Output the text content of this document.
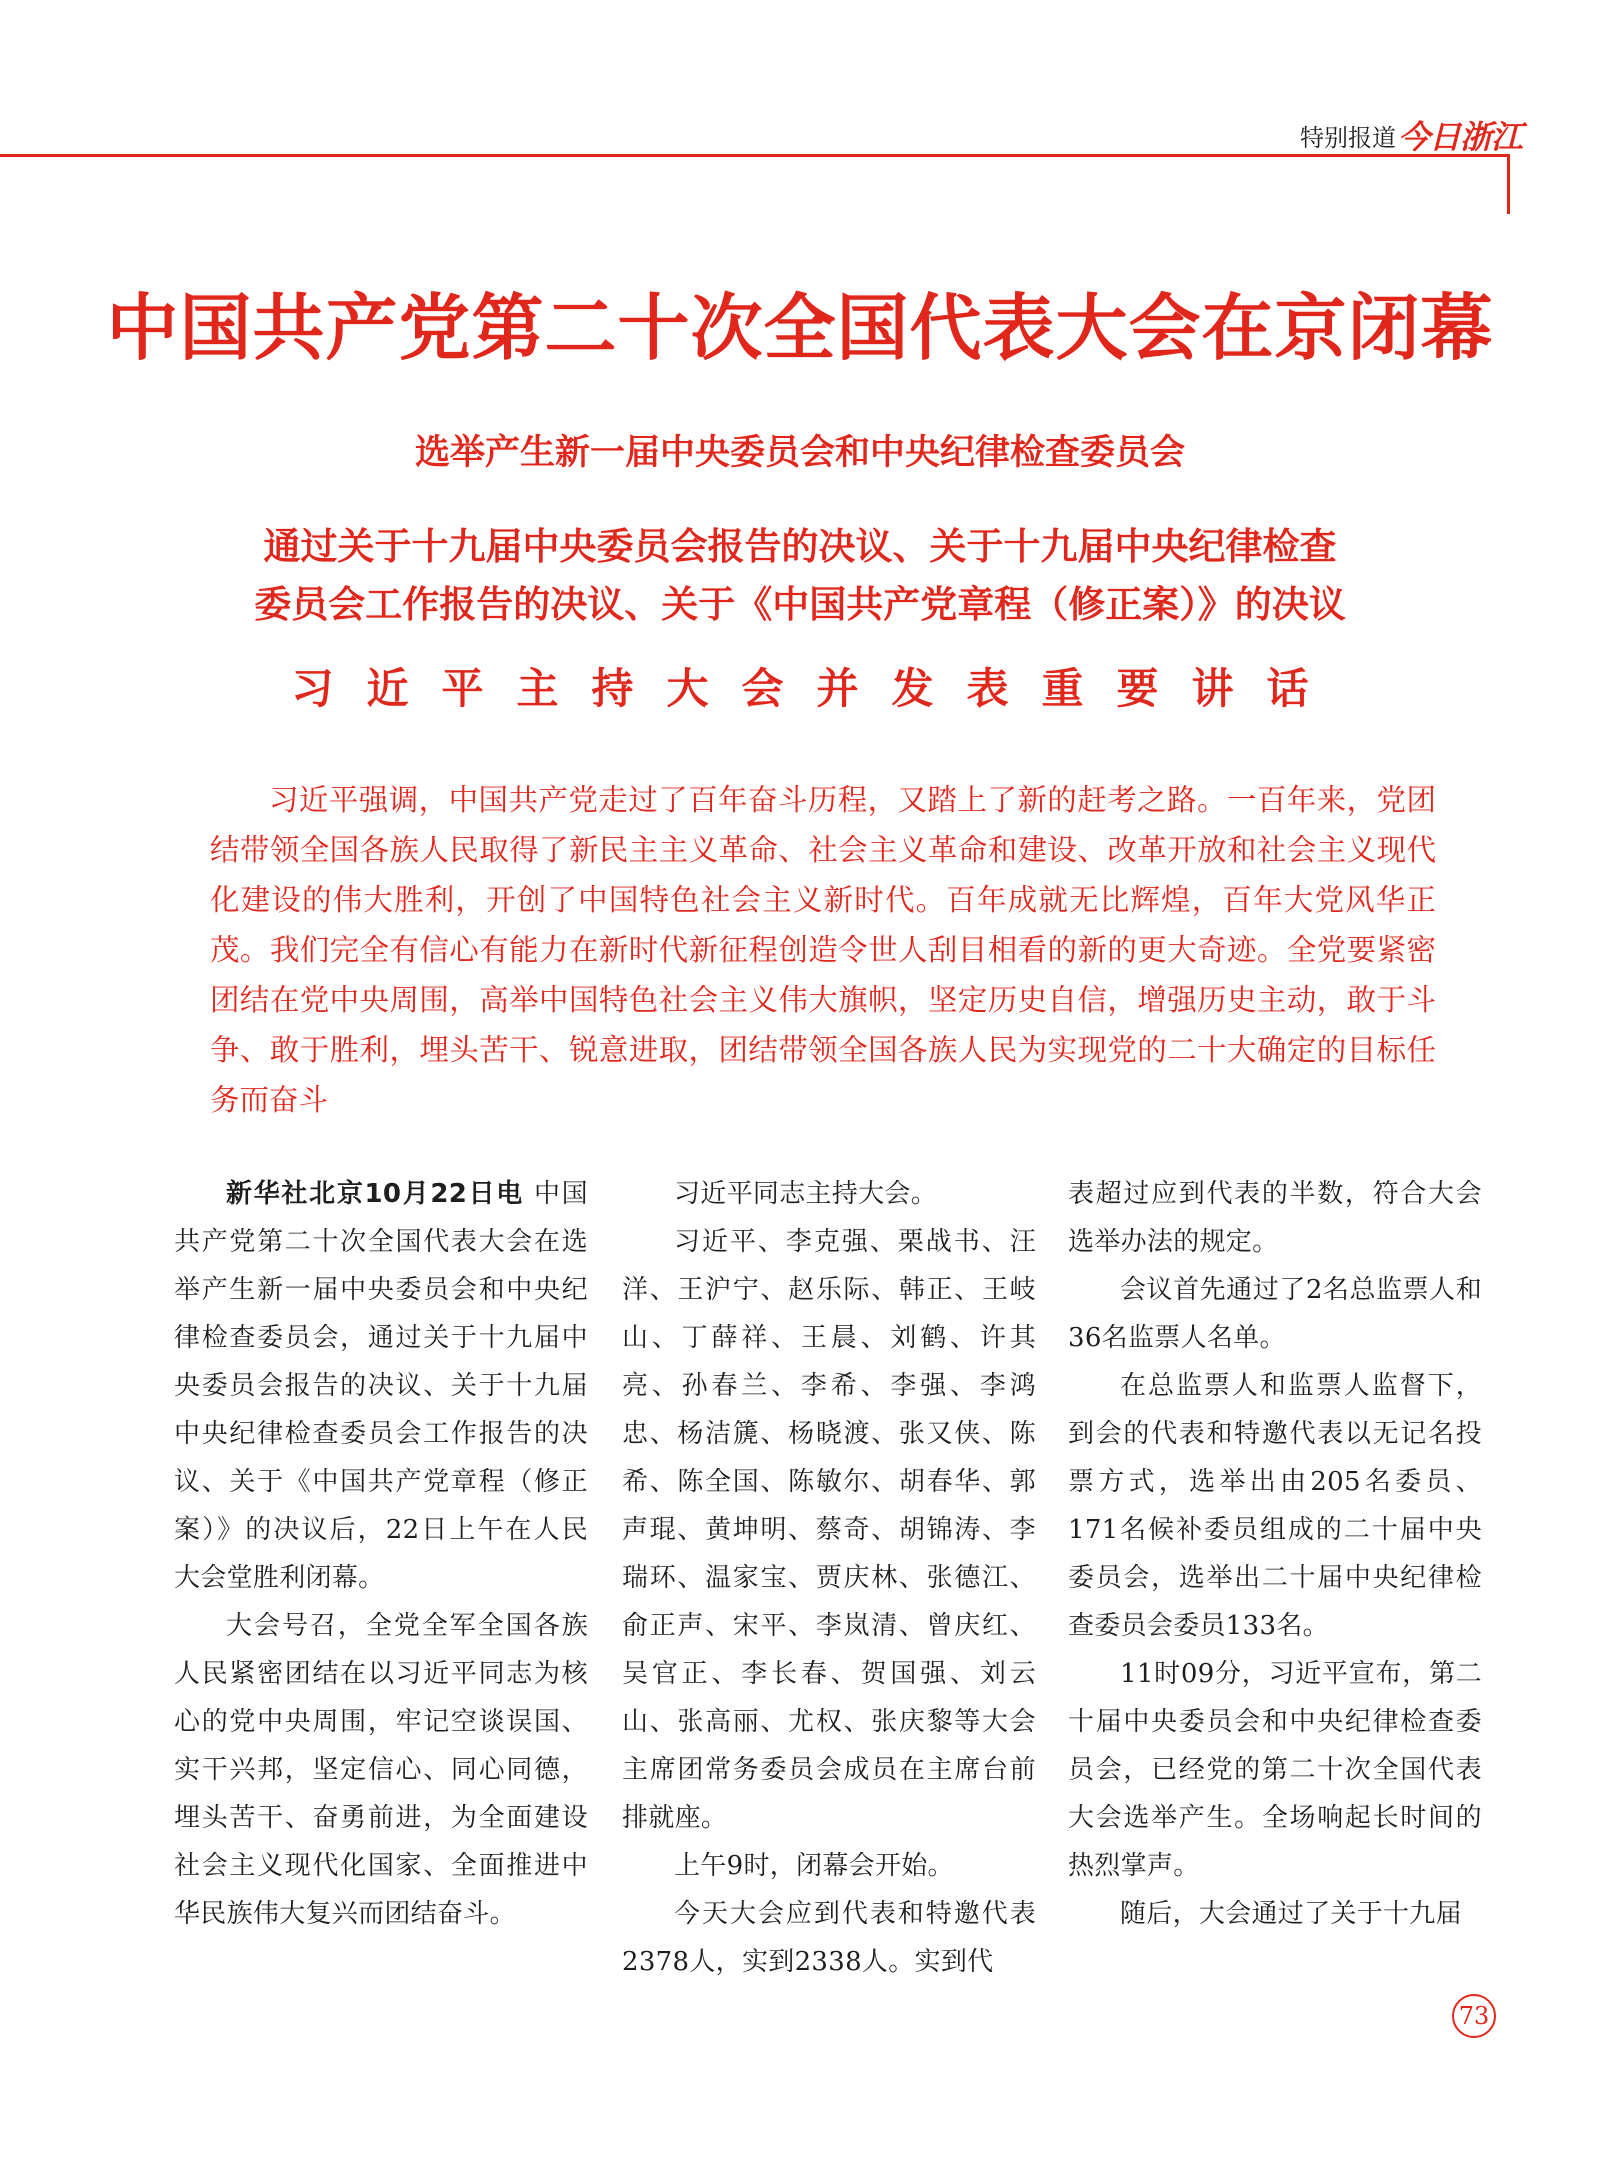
特别报道 今日浙江
中国共产党第二十次全国代表大会在京闭幕
选举产生新一届中央委员会和中央纪律检查委员会
通过关于十九届中央委员会报告的决议、关于十九届中央纪律检查
委员会工作报告的决议、关于《中国共产党章程（修正案）》的决议
习近平主持大会并发表重要讲话
习近平强调，中国共产党走过了百年奋斗历程，又踏上了新的赶考之路。一百年来，党团结带领全国各族人民取得了新民主主义革命、社会主义革命和建设、改革开放和社会主义现代化建设的伟大胜利，开创了中国特色社会主义新时代。百年成就无比辉煌，百年大党风华正茂。我们完全有信心有能力在新时代新征程创造令世人刮目相看的新的更大奇迹。全党要紧密团结在党中央周围，高举中国特色社会主义伟大旗帜，坚定历史自信，增强历史主动，敢于斗争、敢于胜利，埋头苦干、锐意进取，团结带领全国各族人民为实现党的二十大确定的目标任务而奋斗

新华社北京10月22日电 中国共产党第二十次全国代表大会在选举产生新一届中央委员会和中央纪律检查委员会，通过关于十九届中央委员会报告的决议、关于十九届中央纪律检查委员会工作报告的决议、关于《中国共产党章程（修正案）》的决议后，22日上午在人民大会堂胜利闭幕。

大会号召，全党全军全国各族人民紧密团结在以习近平同志为核心的党中央周围，牢记空谈误国、实干兴邦，坚定信心、同心同德，埋头苦干、奋勇前进，为全面建设社会主义现代化国家、全面推进中华民族伟大复兴而团结奋斗。

习近平同志主持大会。

习近平、李克强、栗战书、汪洋、王沪宁、赵乐际、韩正、王岐山、丁薛祥、王晨、刘鹤、许其亮、孙春兰、李希、李强、李鸿忠、杨洁篪、杨晓渡、张又侠、陈希、陈全国、陈敏尔、胡春华、郭声琨、黄坤明、蔡奇、胡锦涛、李瑞环、温家宝、贾庆林、张德江、俞正声、宋平、李岚清、曾庆红、吴官正、李长春、贺国强、刘云山、张高丽、尤权、张庆黎等大会主席团常务委员会成员在主席台前排就座。

上午9时，闭幕会开始。

今天大会应到代表和特邀代表2378人，实到2338人。实到代

表超过应到代表的半数，符合大会选举办法的规定。

会议首先通过了2名总监票人和36名监票人名单。

在总监票人和监票人监督下，到会的代表和特邀代表以无记名投票方式，选举出由205名委员、171名候补委员组成的二十届中央委员会，选举出二十届中央纪律检查委员会委员133名。

11时09分，习近平宣布，第二十届中央委员会和中央纪律检查委员会，已经党的第二十次全国代表大会选举产生。全场响起长时间的热烈掌声。

随后，大会通过了关于十九届

73
